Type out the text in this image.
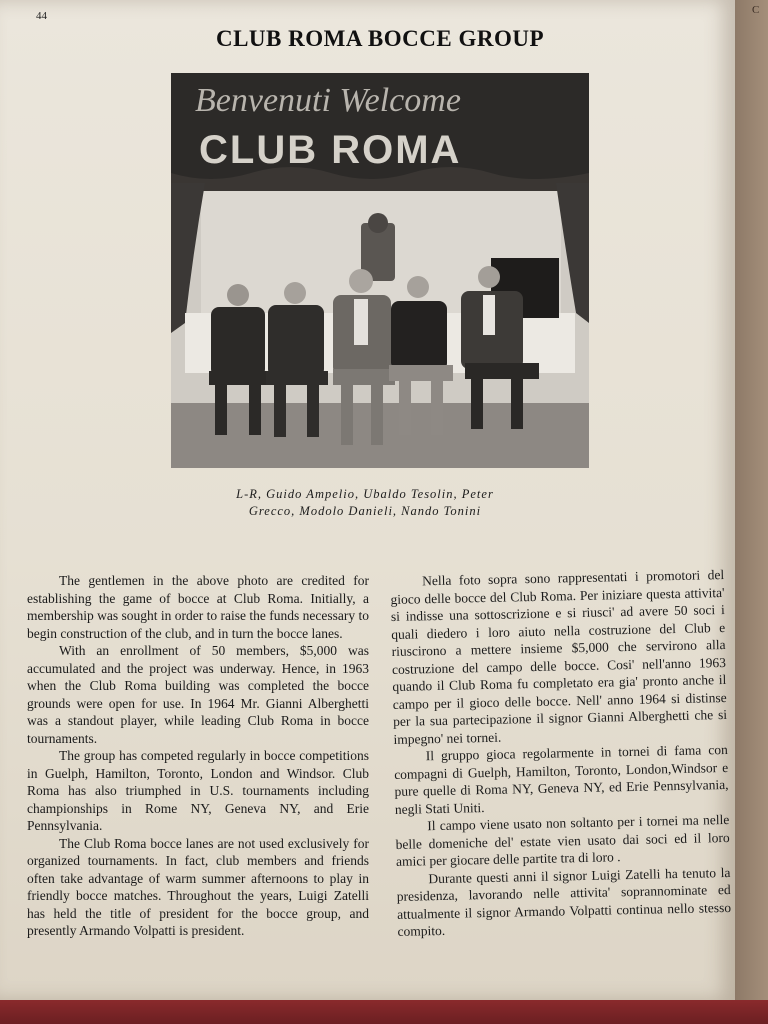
C
44
CLUB ROMA BOCCE GROUP
Benvenuti Welcome
CLUB ROMA
L-R, Guido Ampelio, Ubaldo Tesolin, Peter
Grecco, Modolo Danieli, Nando Tonini

The gentlemen in the above photo are credited for establishing the game of bocce at Club Roma. Initially, a membership was sought in order to raise the funds necessary to begin construction of the club, and in turn the bocce lanes.

With an enrollment of 50 members, $5,000 was accumulated and the project was underway. Hence, in 1963 when the Club Roma building was completed the bocce grounds were open for use. In 1964 Mr. Gianni Alberghetti was a standout player, while leading Club Roma in bocce tournaments.

The group has competed regularly in bocce competitions in Guelph, Hamilton, Toronto, London and Windsor. Club Roma has also triumphed in U.S. tournaments including championships in Rome NY, Geneva NY, and Erie Pennsylvania.

The Club Roma bocce lanes are not used exclusively for organized tournaments. In fact, club members and friends often take advantage of warm summer afternoons to play in friendly bocce matches. Throughout the years, Luigi Zatelli has held the title of president for the bocce group, and presently Armando Volpatti is president.

Nella foto sopra sono rappresentati i promotori del gioco delle bocce del Club Roma. Per iniziare questa attivita' si indisse una sottoscrizione e si riusci' ad avere 50 soci i quali diedero i loro aiuto nella costruzione del Club e riuscirono a mettere insieme $5,000 che servirono alla costruzione del campo delle bocce. Cosi' nell'anno 1963 quando il Club Roma fu completato era gia' pronto anche il campo per il gioco delle bocce. Nell' anno 1964 si distinse per la sua partecipazione il signor Gianni Alberghetti che si impegno' nei tornei.

Il gruppo gioca regolarmente in tornei di fama con compagni di Guelph, Hamilton, Toronto, London,Windsor e pure quelle di Roma NY, Geneva NY, ed Erie Pennsylvania, negli Stati Uniti.

Il campo viene usato non soltanto per i tornei ma nelle belle domeniche del' estate vien usato dai soci ed il loro amici per giocare delle partite tra di loro .

Durante questi anni il signor Luigi Zatelli ha tenuto la presidenza, lavorando nelle attivita' soprannominate ed attualmente il signor Armando Volpatti continua nello stesso compito.
